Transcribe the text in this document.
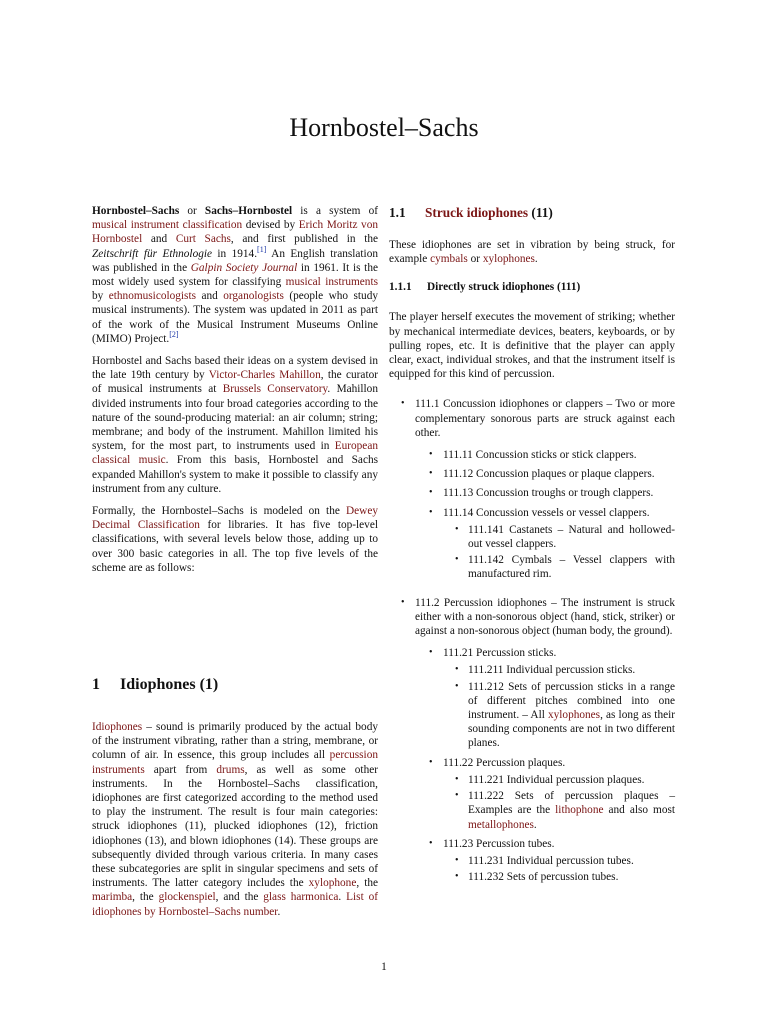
Hornbostel–Sachs

Hornbostel–Sachs or Sachs–Hornbostel is a system of musical instrument classification devised by Erich Moritz von Hornbostel and Curt Sachs, and first published in the Zeitschrift für Ethnologie in 1914.[1] An English translation was published in the Galpin Society Journal in 1961. It is the most widely used system for classifying musical instruments by ethnomusicologists and organologists (people who study musical instruments). The system was updated in 2011 as part of the work of the Musical Instrument Museums Online (MIMO) Project.[2]

Hornbostel and Sachs based their ideas on a system devised in the late 19th century by Victor-Charles Mahillon, the curator of musical instruments at Brussels Conservatory. Mahillon divided instruments into four broad categories according to the nature of the sound-producing material: an air column; string; membrane; and body of the instrument. Mahillon limited his system, for the most part, to instruments used in European classical music. From this basis, Hornbostel and Sachs expanded Mahillon's system to make it possible to classify any instrument from any culture.

Formally, the Hornbostel–Sachs is modeled on the Dewey Decimal Classification for libraries. It has five top-level classifications, with several levels below those, adding up to over 300 basic categories in all. The top five levels of the scheme are as follows:

1 Idiophones (1)

Idiophones – sound is primarily produced by the actual body of the instrument vibrating, rather than a string, membrane, or column of air. In essence, this group includes all percussion instruments apart from drums, as well as some other instruments. In the Hornbostel–Sachs classification, idiophones are first categorized according to the method used to play the instrument. The result is four main categories: struck idiophones (11), plucked idiophones (12), friction idiophones (13), and blown idiophones (14). These groups are subsequently divided through various criteria. In many cases these subcategories are split in singular specimens and sets of instruments. The latter category includes the xylophone, the marimba, the glockenspiel, and the glass harmonica. List of idiophones by Hornbostel–Sachs number.

1.1 Struck idiophones (11)

These idiophones are set in vibration by being struck, for example cymbals or xylophones.

1.1.1 Directly struck idiophones (111)

The player herself executes the movement of striking; whether by mechanical intermediate devices, beaters, keyboards, or by pulling ropes, etc. It is definitive that the player can apply clear, exact, individual strokes, and that the instrument itself is equipped for this kind of percussion.

• 111.1 Concussion idiophones or clappers – Two or more complementary sonorous parts are struck against each other.
• 111.11 Concussion sticks or stick clappers.
• 111.12 Concussion plaques or plaque clappers.
• 111.13 Concussion troughs or trough clappers.
• 111.14 Concussion vessels or vessel clappers.
• 111.141 Castanets – Natural and hollowed-out vessel clappers.
• 111.142 Cymbals – Vessel clappers with manufactured rim.
• 111.2 Percussion idiophones – The instrument is struck either with a non-sonorous object (hand, stick, striker) or against a non-sonorous object (human body, the ground).
• 111.21 Percussion sticks.
• 111.211 Individual percussion sticks.
• 111.212 Sets of percussion sticks in a range of different pitches combined into one instrument. – All xylophones, as long as their sounding components are not in two different planes.
• 111.22 Percussion plaques.
• 111.221 Individual percussion plaques.
• 111.222 Sets of percussion plaques – Examples are the lithophone and also most metallophones.
• 111.23 Percussion tubes.
• 111.231 Individual percussion tubes.
• 111.232 Sets of percussion tubes.
1
